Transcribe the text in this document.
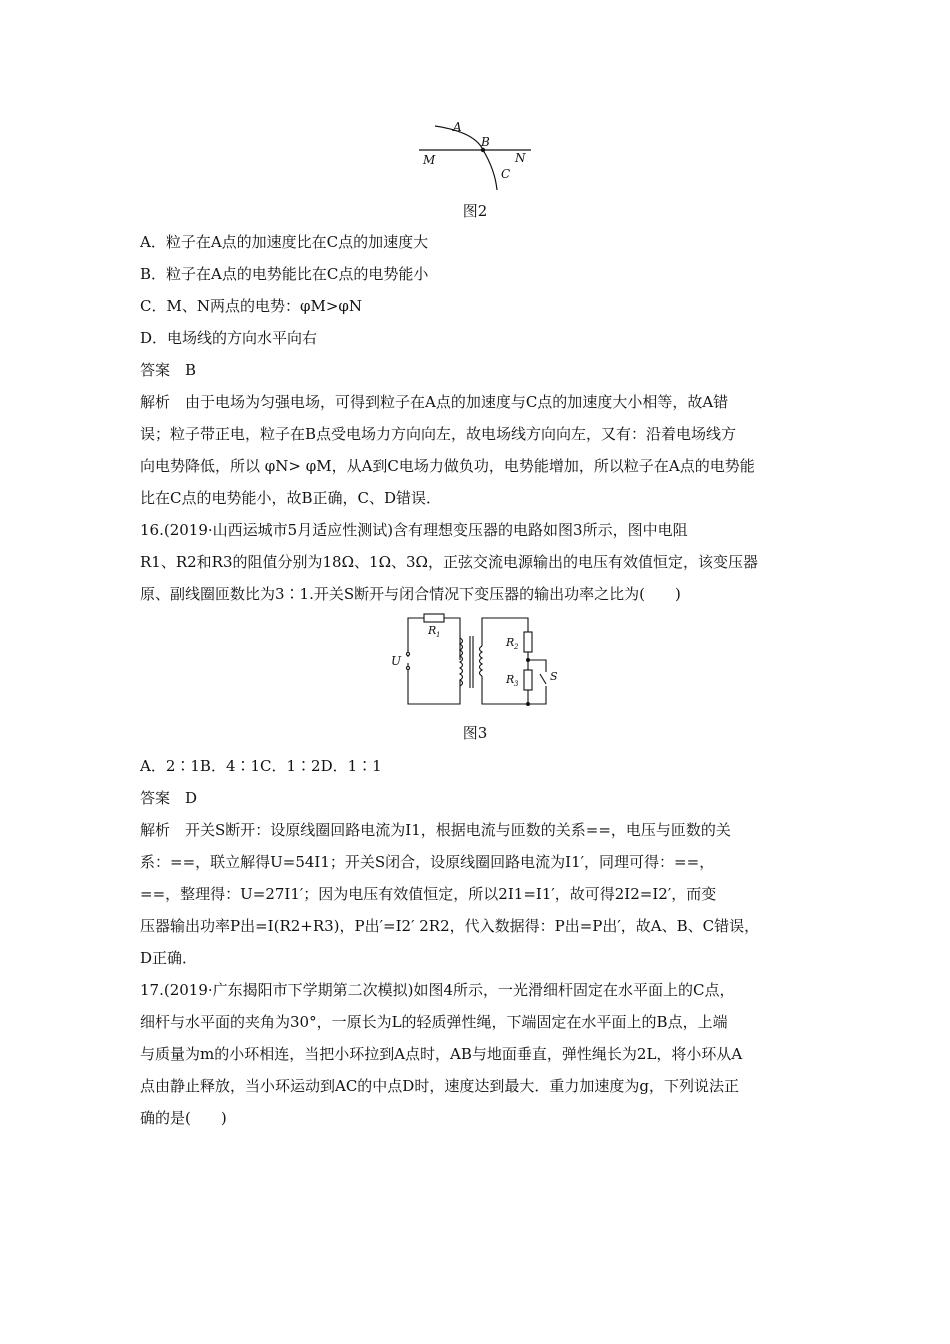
A
B
M	N
C
图2
A．粒子在A点的加速度比在C点的加速度大
B．粒子在A点的电势能比在C点的电势能小
C．M、N两点的电势：φM>φN
D．电场线的方向水平向右
答案　B
解析　由于电场为匀强电场，可得到粒子在A点的加速度与C点的加速度大小相等，故A错
误；粒子带正电，粒子在B点受电场力方向向左，故电场线方向向左，又有：沿着电场线方
向电势降低，所以 φN> φM，从A到C电场力做负功，电势能增加，所以粒子在A点的电势能
比在C点的电势能小，故B正确，C、D错误．
16.(2019·山西运城市5月适应性测试)含有理想变压器的电路如图3所示，图中电阻
R1、R2和R3的阻值分别为18Ω、1Ω、3Ω，正弦交流电源输出的电压有效值恒定，该变压器
原、副线圈匝数比为3∶1.开关S断开与闭合情况下变压器的输出功率之比为(　　)
R 1
R 2
R 3
S
U
图3
A．2∶1B．4∶1C．1∶2D．1∶1
答案　D
解析　开关S断开：设原线圈回路电流为I1，根据电流与匝数的关系==，电压与匝数的关
系：==，联立解得U=54I1；开关S闭合，设原线圈回路电流为I1′，同理可得：==，
==，整理得：U=27I1′；因为电压有效值恒定，所以2I1=I1′，故可得2I2=I2′，而变
压器输出功率P出=I(R2+R3)，P出′=I2′ 2R2，代入数据得：P出=P出′，故A、B、C错误，
D正确．
17.(2019·广东揭阳市下学期第二次模拟)如图4所示，一光滑细杆固定在水平面上的C点，
细杆与水平面的夹角为30°，一原长为L的轻质弹性绳，下端固定在水平面上的B点，上端
与质量为m的小环相连，当把小环拉到A点时，AB与地面垂直，弹性绳长为2L，将小环从A
点由静止释放，当小环运动到AC的中点D时，速度达到最大．重力加速度为g，下列说法正
确的是(　　)
